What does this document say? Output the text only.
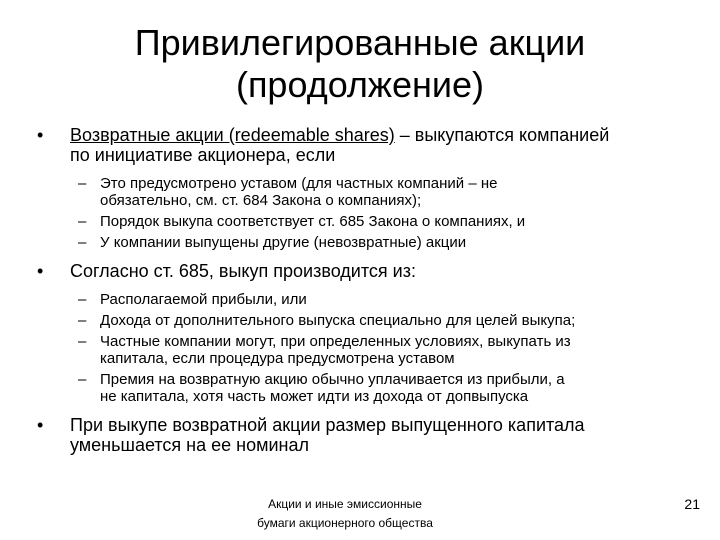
Привилегированные акции
(продолжение)
• Возвратные акции (redeemable shares) – выкупаются компанией
по инициативе акционера, если
– Это предусмотрено уставом (для частных компаний – не
обязательно, см. ст. 684 Закона о компаниях);
– Порядок выкупа соответствует ст. 685 Закона о компаниях, и
– У компании выпущены другие (невозвратные) акции
• Согласно ст. 685, выкуп производится из:
– Располагаемой прибыли, или
– Дохода от дополнительного выпуска специально для целей выкупа;
– Частные компании могут, при определенных условиях, выкупать из
капитала, если процедура предусмотрена уставом
– Премия на возвратную акцию обычно уплачивается из прибыли, а
не капитала, хотя часть может идти из дохода от допвыпуска
• При выкупе возвратной акции размер выпущенного капитала
уменьшается на ее номинал
Акции и иные эмиссионные
бумаги акционерного общества
21
